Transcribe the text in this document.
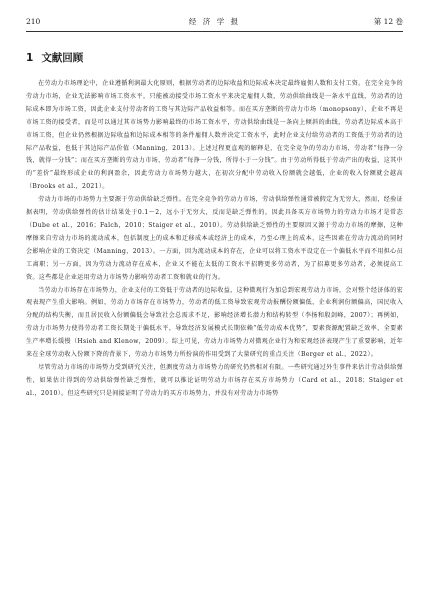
210	经 济 学 报	第 12 卷
1 文献回顾

在劳动力市场理论中，企业遵循利润最大化原则，根据劳动者的边际收益和边际成本决定最终雇佣人数和支付工资。在完全竞争的劳动力市场，企业无法影响市场工资水平，只能被动接受市场工资水平来决定雇佣人数，劳动供给曲线是一条水平直线，劳动者的边际成本即为市场工资，因此企业支付劳动者的工资与其边际产品收益相等。而在买方垄断的劳动力市场（monopsony），企业不再是市场工资的接受者，而是可以通过其市场势力影响最终的市场工资水平，劳动供给曲线是一条向上倾斜的曲线，劳动者边际成本高于市场工资，但企业仍然根据边际收益和边际成本相等的条件雇佣人数并决定工资水平，此时企业支付给劳动者的工资低于劳动者的边际产品收益，也低于其边际产品价值（Manning，2013）。上述过程更直观的解释是，在完全竞争的劳动力市场，劳动者“每挣一分钱，就得一分钱”；而在买方垄断的劳动力市场，劳动者“每挣一分钱，所得小于一分钱”。由于劳动所得低于劳动产出的收益，这其中的“差价”最终形成企业的利润盈余，因此劳动力市场势力越大，在初次分配中劳动收入份额就会越低，企业的收入份额就会越高（Brooks et al.，2021）。

劳动力市场的市场势力主要源于劳动供给缺乏弹性。在完全竞争的劳动力市场，劳动供给弹性通常被假定为无穷大，然而，经验证据表明，劳动供给弹性的估计结果处于0.1～2，远小于无穷大，反而是缺乏弹性的，因此具备买方市场势力的劳动力市场才是常态（Dube et al.，2016；Falch，2010；Staiger et al.，2010）。劳动供给缺乏弹性的主要原因又源于劳动力市场的摩擦，这种摩擦来自劳动力市场的流动成本，包括制度上的成本和迁移成本或经济上的成本，乃至心理上的成本，这些因素在劳动力流动的同时会影响企业的工资决定（Manning，2013）。一方面，因为流动成本的存在，企业可以将工资水平设定在一个偏低水平而不用担心员工离职；另一方面，因为劳动力流动存在成本，企业又不能在太低的工资水平招聘更多劳动者，为了招募更多劳动者，必须提高工资。这些都是企业运用劳动力市场势力影响劳动者工资和就业的行为。

当劳动力市场存在市场势力，企业支付的工资低于劳动者的边际收益，这种微观行为加总到宏观劳动力市场，会对整个经济体的宏观表现产生重大影响。例如，劳动力市场存在市场势力，劳动者的低工资导致宏观劳动报酬份额偏低，企业利润份额偏高，国民收入分配的结构失衡，而且居民收入份额偏低会导致社会总需求不足，影响经济增长潜力和结构转型（李扬和殷剑峰，2007）；再例如，劳动力市场势力使得劳动者工资长期处于偏低水平，导致经济发展模式长期依赖“低劳动成本优势”，要素资源配置缺乏效率，全要素生产率增长缓慢（Hsieh and Klenow，2009）。综上可见，劳动力市场势力对微观企业行为和宏观经济表现产生了重要影响，近年来在全球劳动收入份额下降的背景下，劳动力市场势力所扮演的作用受到了大量研究的重点关注（Berger et al.，2022）。

尽管劳动力市场的市场势力受到研究关注，但测度劳动力市场势力的研究仍然相对有限。一些研究通过外生事件来估计劳动供给弹性，如果估计得到的劳动供给弹性缺乏弹性，就可以推论证明劳动力市场存在买方市场势力（Card et al.，2018；Staiger et al.，2010）。但这些研究只是间接证明了劳动力的买方市场势力，并没有对劳动力市场势
